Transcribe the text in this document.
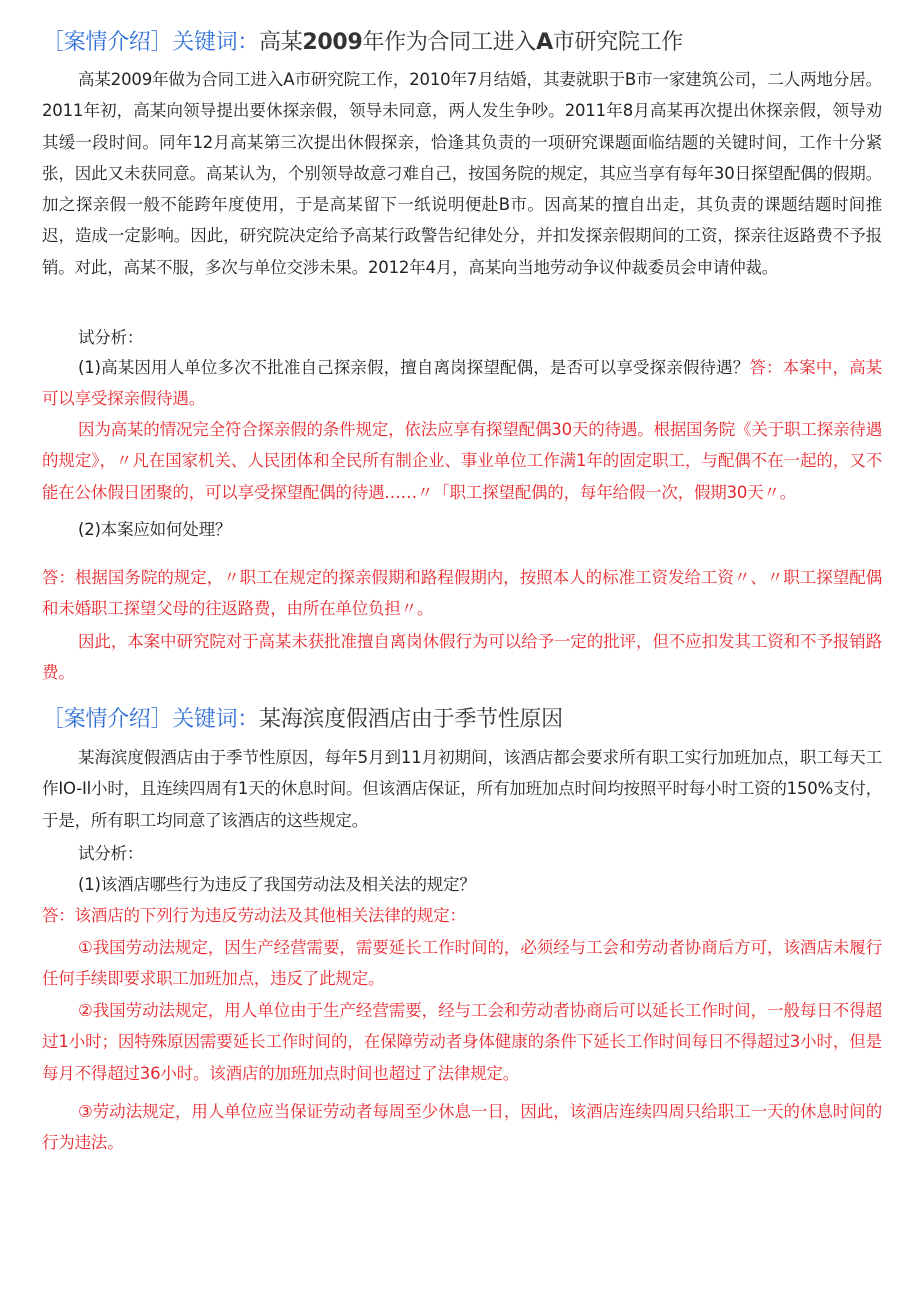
［案情介绍］关键词：高某2009年作为合同工进入A市研究院工作

高某2009年做为合同工进入A市研究院工作，2010年7月结婚，其妻就职于B市一家建筑公司，二人两地分居。2011年初，高某向领导提出要休探亲假，领导未同意，两人发生争吵。2011年8月高某再次提出休探亲假，领导劝其缓一段时间。同年12月高某第三次提出休假探亲，恰逢其负责的一项研究课题面临结题的关键时间，工作十分紧张，因此又未获同意。高某认为，个别领导故意刁难自己，按国务院的规定，其应当享有每年30日探望配偶的假期。加之探亲假一般不能跨年度使用，于是高某留下一纸说明便赴B市。因高某的擅自出走，其负责的课题结题时间推迟，造成一定影响。因此，研究院决定给予高某行政警告纪律处分，并扣发探亲假期间的工资，探亲往返路费不予报销。对此，高某不服，多次与单位交涉未果。2012年4月，高某向当地劳动争议仲裁委员会申请仲裁。

试分析：

(1)高某因用人单位多次不批准自己探亲假，擅自离岗探望配偶，是否可以享受探亲假待遇？答：本案中，高某可以享受探亲假待遇。

因为高某的情况完全符合探亲假的条件规定，依法应享有探望配偶30天的待遇。根据国务院《关于职工探亲待遇的规定》，〃凡在国家机关、人民团体和全民所有制企业、事业单位工作满1年的固定职工，与配偶不在一起的，又不能在公休假日团聚的，可以享受探望配偶的待遇……〃「职工探望配偶的，每年给假一次，假期30天〃。

(2)本案应如何处理？

答：根据国务院的规定，〃职工在规定的探亲假期和路程假期内，按照本人的标准工资发给工资〃、〃职工探望配偶和未婚职工探望父母的往返路费，由所在单位负担〃。

因此，本案中研究院对于高某未获批准擅自离岗休假行为可以给予一定的批评，但不应扣发其工资和不予报销路费。

［案情介绍］关键词：某海滨度假酒店由于季节性原因

某海滨度假酒店由于季节性原因，每年5月到11月初期间，该酒店都会要求所有职工实行加班加点，职工每天工作IO-Il小时，且连续四周有1天的休息时间。但该酒店保证，所有加班加点时间均按照平时每小时工资的150%支付，于是，所有职工均同意了该酒店的这些规定。

试分析：

(1)该酒店哪些行为违反了我国劳动法及相关法的规定？

答：该酒店的下列行为违反劳动法及其他相关法律的规定：

①我国劳动法规定，因生产经营需要，需要延长工作时间的，必须经与工会和劳动者协商后方可，该酒店未履行任何手续即要求职工加班加点，违反了此规定。

②我国劳动法规定，用人单位由于生产经营需要，经与工会和劳动者协商后可以延长工作时间，一般每日不得超过1小时；因特殊原因需要延长工作时间的，在保障劳动者身体健康的条件下延长工作时间每日不得超过3小时，但是每月不得超过36小时。该酒店的加班加点时间也超过了法律规定。

③劳动法规定，用人单位应当保证劳动者每周至少休息一日，因此，该酒店连续四周只给职工一天的休息时间的行为违法。
